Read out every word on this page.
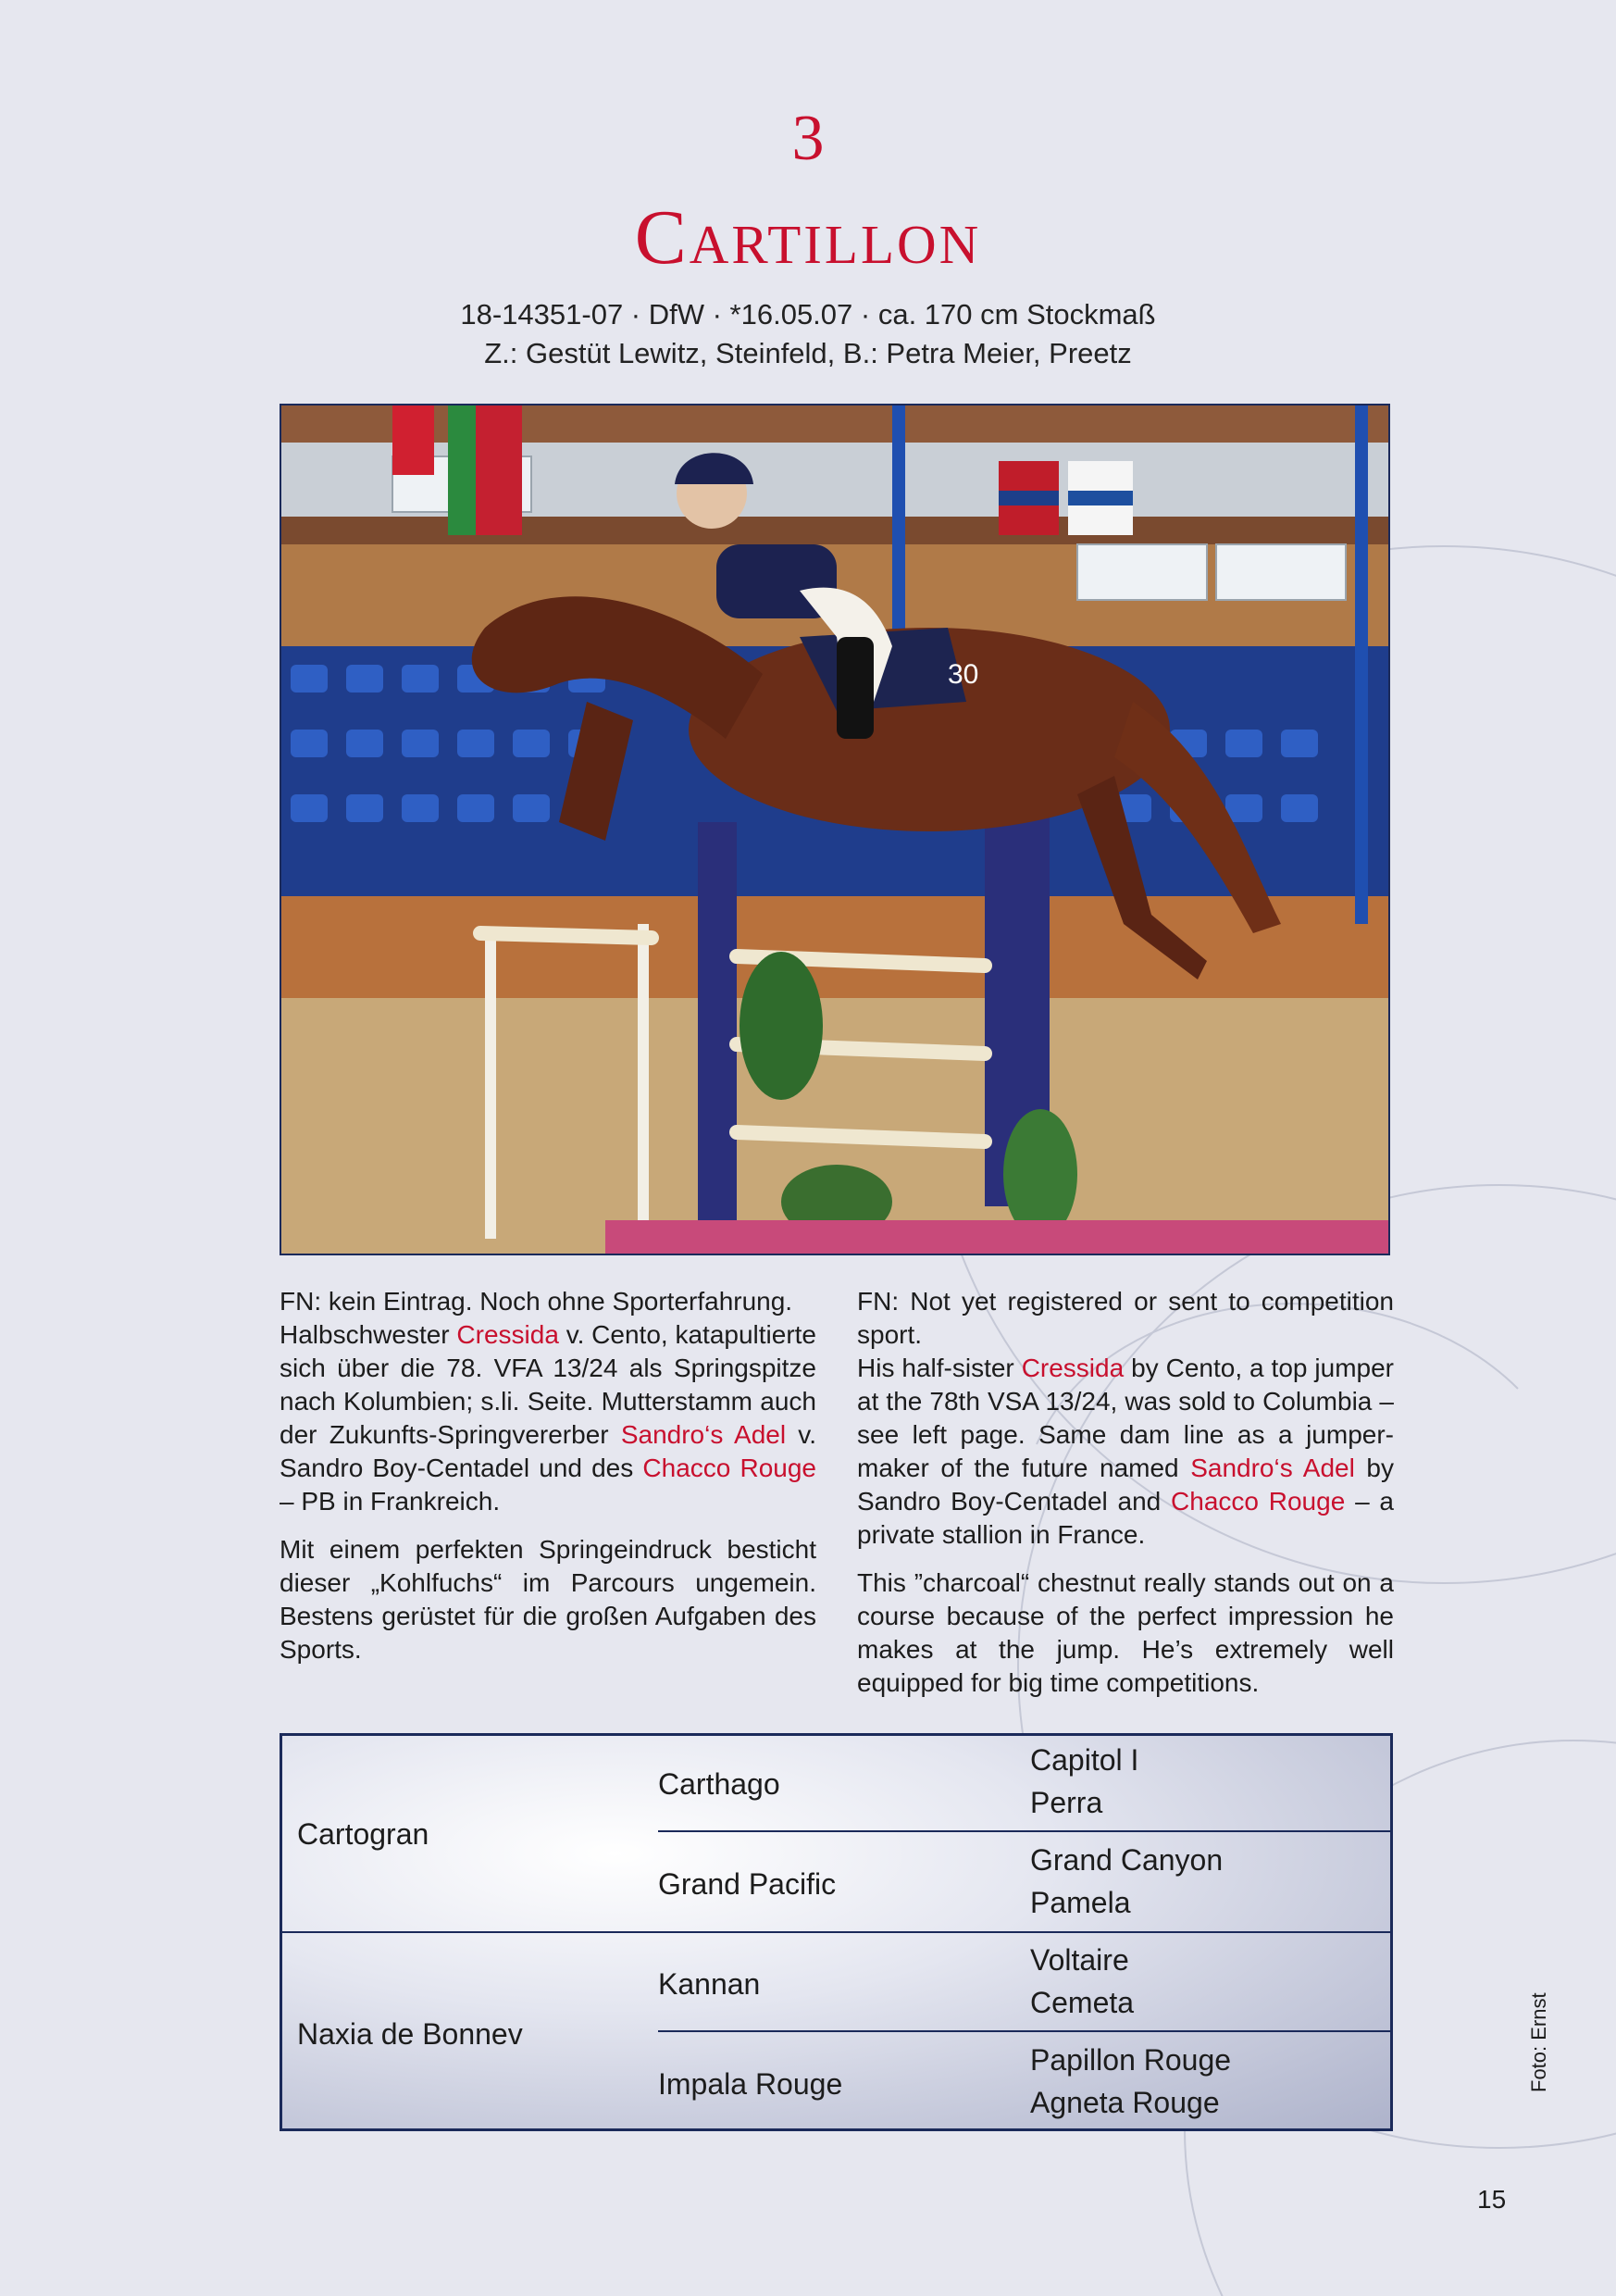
3
Cartillon
18-14351-07 · DfW · *16.05.07 · ca. 170 cm Stockmaß
Z.: Gestüt Lewitz, Steinfeld, B.: Petra Meier, Preetz
30

FN: kein Eintrag. Noch ohne Sporterfahrung.
Halbschwester Cressida v. Cento, katapultierte sich über die 78. VFA 13/24 als Springspitze nach Kolumbien; s.li. Seite. Mutterstamm auch der Zukunfts-Springvererber Sandro‘s Adel v. Sandro Boy-Centadel und des Chacco Rouge – PB in Frankreich.

Mit einem perfekten Springeindruck besticht dieser „Kohlfuchs“ im Parcours ungemein. Bestens gerüstet für die großen Aufgaben des Sports.

FN: Not yet registered or sent to competition sport.
His half-sister Cressida by Cento, a top jumper at the 78th VSA 13/24, was sold to Columbia – see left page. Same dam line as a jumper-maker of the future named Sandro‘s Adel by Sandro Boy-Centadel and Chacco Rouge – a private stallion in France.

This ”charcoal“ chestnut really stands out on a course because of the perfect impression he makes at the jump. He’s extremely well equipped for big time competitions.

Cartogran
Naxia de Bonnev
Carthago
Grand Pacific
Kannan
Impala Rouge
Capitol I
Perra
Grand Canyon
Pamela
Voltaire
Cemeta
Papillon Rouge
Agneta Rouge
Foto: Ernst
15
